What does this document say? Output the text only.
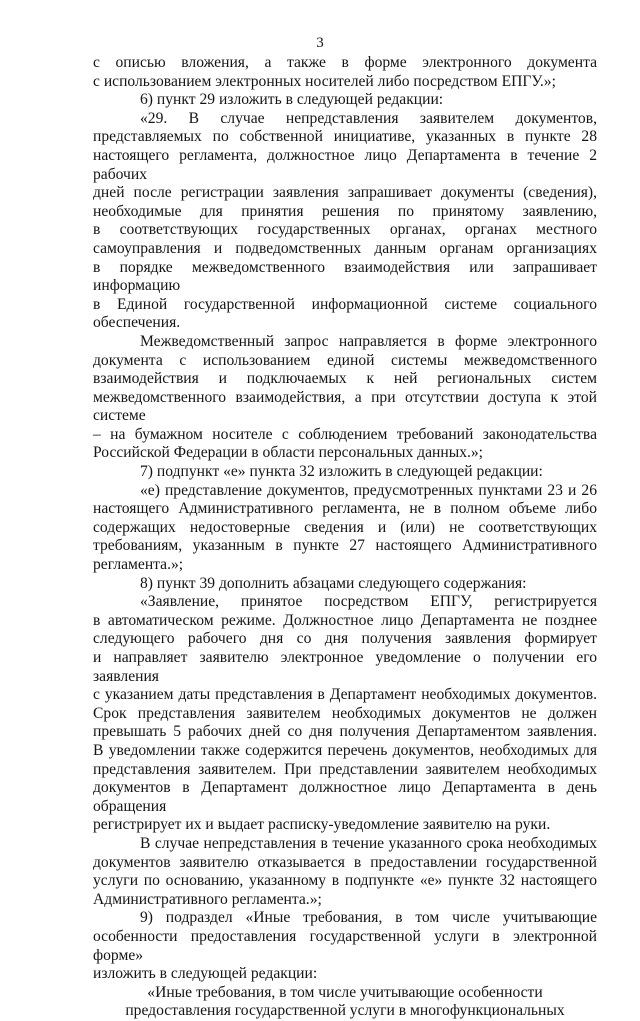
3
с описью вложения, а также в форме электронного документа
с использованием электронных носителей либо посредством ЕПГУ.»;
6) пункт 29 изложить в следующей редакции:
«29. В случае непредставления заявителем документов,
представляемых по собственной инициативе, указанных в пункте 28
настоящего регламента, должностное лицо Департамента в течение 2 рабочих
дней после регистрации заявления запрашивает документы (сведения),
необходимые для принятия решения по принятому заявлению,
в соответствующих государственных органах, органах местного
самоуправления и подведомственных данным органам организациях
в порядке межведомственного взаимодействия или запрашивает информацию
в Единой государственной информационной системе социального
обеспечения.
Межведомственный запрос направляется в форме электронного
документа с использованием единой системы межведомственного
взаимодействия и подключаемых к ней региональных систем
межведомственного взаимодействия, а при отсутствии доступа к этой системе
– на бумажном носителе с соблюдением требований законодательства
Российской Федерации в области персональных данных.»;
7) подпункт «е» пункта 32 изложить в следующей редакции:
«е) представление документов, предусмотренных пунктами 23 и 26
настоящего Административного регламента, не в полном объеме либо
содержащих недостоверные сведения и (или) не соответствующих
требованиям, указанным в пункте 27 настоящего Административного
регламента.»;
8) пункт 39 дополнить абзацами следующего содержания:
«Заявление, принятое посредством ЕПГУ, регистрируется
в автоматическом режиме. Должностное лицо Департамента не позднее
следующего рабочего дня со дня получения заявления формирует
и направляет заявителю электронное уведомление о получении его заявления
с указанием даты представления в Департамент необходимых документов.
Срок представления заявителем необходимых документов не должен
превышать 5 рабочих дней со дня получения Департаментом заявления.
В уведомлении также содержится перечень документов, необходимых для
представления заявителем. При представлении заявителем необходимых
документов в Департамент должностное лицо Департамента в день обращения
регистрирует их и выдает расписку-уведомление заявителю на руки.
В случае непредставления в течение указанного срока необходимых
документов заявителю отказывается в предоставлении государственной
услуги по основанию, указанному в подпункте «е» пункте 32 настоящего
Административного регламента.»;
9) подраздел «Иные требования, в том числе учитывающие
особенности предоставления государственной услуги в электронной форме»
изложить в следующей редакции:
«Иные требования, в том числе учитывающие особенности
предоставления государственной услуги в многофункциональных
